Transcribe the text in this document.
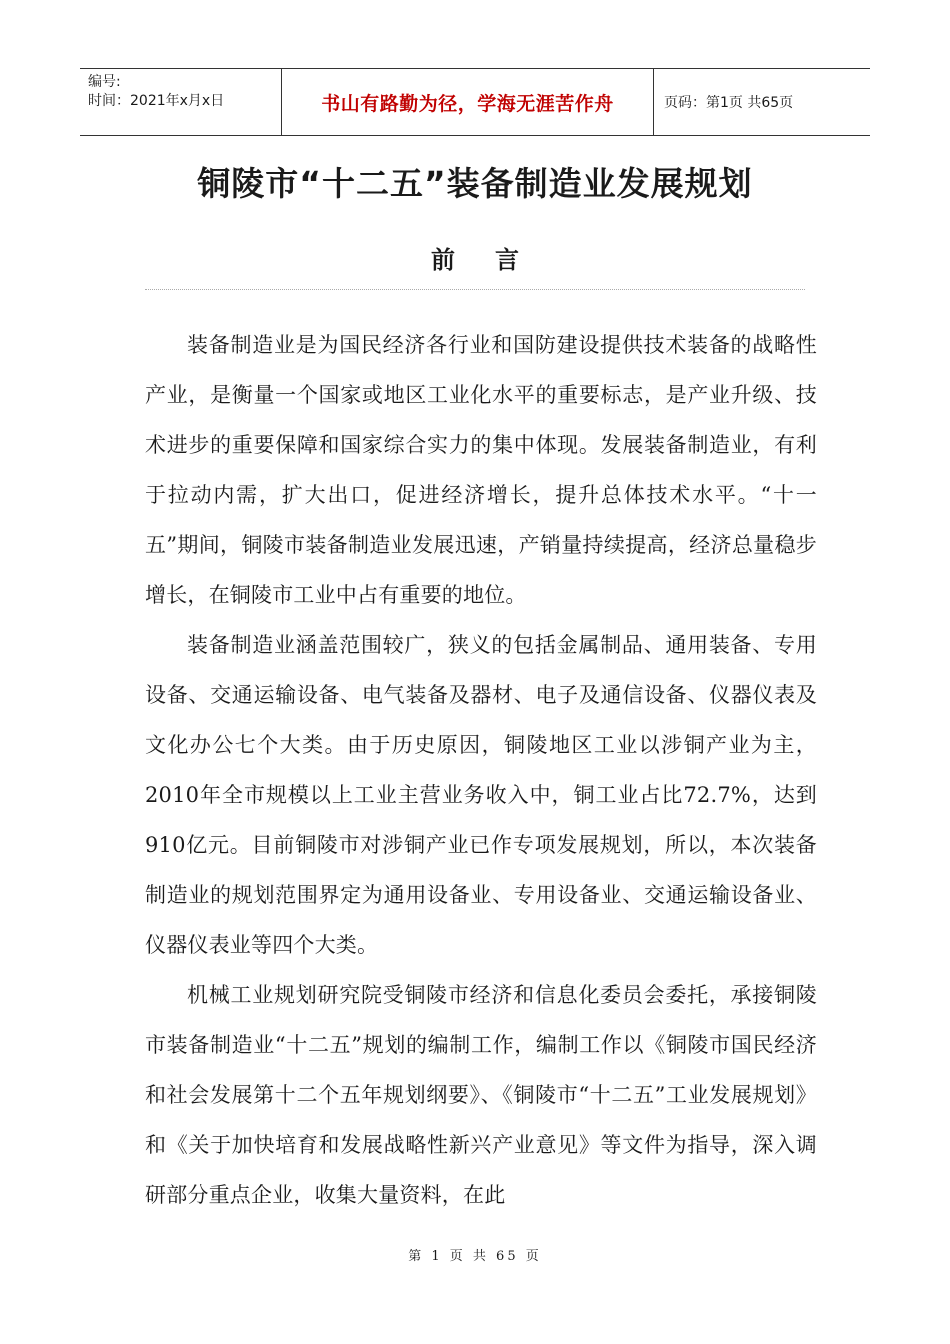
编号:
时间：2021年x月x日	书山有路勤为径，学海无涯苦作舟	页码：第1页 共65页
铜陵市“十二五”装备制造业发展规划
前言

装备制造业是为国民经济各行业和国防建设提供技术装备的战略性产业，是衡量一个国家或地区工业化水平的重要标志，是产业升级、技术进步的重要保障和国家综合实力的集中体现。发展装备制造业，有利于拉动内需，扩大出口，促进经济增长，提升总体技术水平。“十一五”期间，铜陵市装备制造业发展迅速，产销量持续提高，经济总量稳步增长，在铜陵市工业中占有重要的地位。

装备制造业涵盖范围较广，狭义的包括金属制品、通用装备、专用设备、交通运输设备、电气装备及器材、电子及通信设备、仪器仪表及文化办公七个大类。由于历史原因，铜陵地区工业以涉铜产业为主，2010年全市规模以上工业主营业务收入中，铜工业占比72.7%，达到910亿元。目前铜陵市对涉铜产业已作专项发展规划，所以，本次装备制造业的规划范围界定为通用设备业、专用设备业、交通运输设备业、仪器仪表业等四个大类。

机械工业规划研究院受铜陵市经济和信息化委员会委托，承接铜陵市装备制造业“十二五”规划的编制工作，编制工作以《铜陵市国民经济和社会发展第十二个五年规划纲要》、《铜陵市“十二五”工业发展规划》和《关于加快培育和发展战略性新兴产业意见》等文件为指导，深入调研部分重点企业，收集大量资料，在此

第 1 页 共 65 页
